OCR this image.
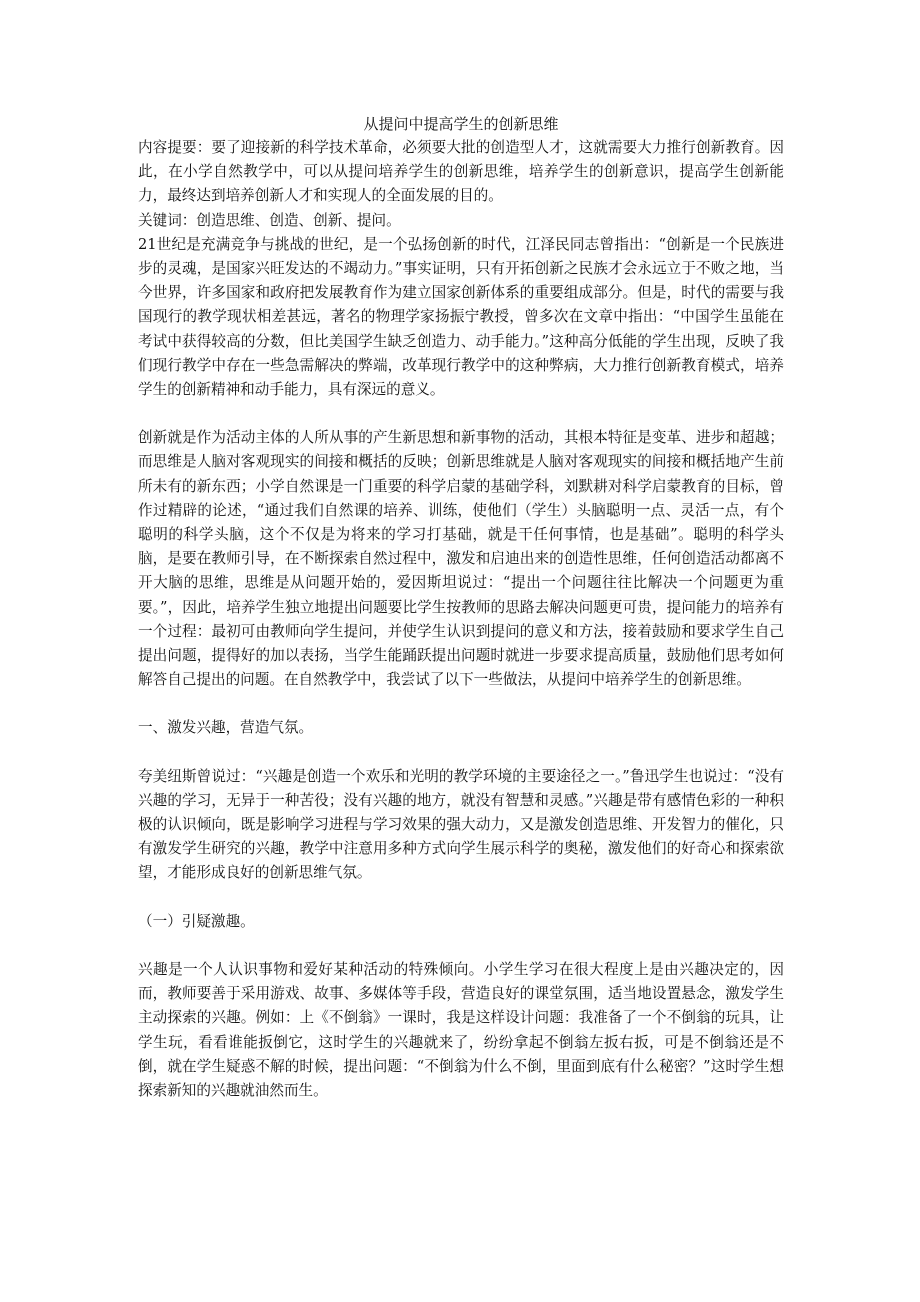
从提问中提高学生的创新思维

内容提要：要了迎接新的科学技术革命，必须要大批的创造型人才，这就需要大力推行创新教育。因此，在小学自然教学中，可以从提问培养学生的创新思维，培养学生的创新意识，提高学生创新能力，最终达到培养创新人才和实现人的全面发展的目的。

关键词：创造思维、创造、创新、提问。

21世纪是充满竞争与挑战的世纪，是一个弘扬创新的时代，江泽民同志曾指出：“创新是一个民族进步的灵魂，是国家兴旺发达的不竭动力。”事实证明，只有开拓创新之民族才会永远立于不败之地，当今世界，许多国家和政府把发展教育作为建立国家创新体系的重要组成部分。但是，时代的需要与我国现行的教学现状相差甚远，著名的物理学家扬振宁教授，曾多次在文章中指出：“中国学生虽能在考试中获得较高的分数，但比美国学生缺乏创造力、动手能力。”这种高分低能的学生出现，反映了我们现行教学中存在一些急需解决的弊端，改革现行教学中的这种弊病，大力推行创新教育模式，培养学生的创新精神和动手能力，具有深远的意义。

创新就是作为活动主体的人所从事的产生新思想和新事物的活动，其根本特征是变革、进步和超越；而思维是人脑对客观现实的间接和概括的反映；创新思维就是人脑对客观现实的间接和概括地产生前所未有的新东西；小学自然课是一门重要的科学启蒙的基础学科，刘默耕对科学启蒙教育的目标，曾作过精辟的论述，“通过我们自然课的培养、训练，使他们（学生）头脑聪明一点、灵活一点，有个聪明的科学头脑，这个不仅是为将来的学习打基础，就是干任何事情，也是基础”。聪明的科学头脑，是要在教师引导，在不断探索自然过程中，激发和启迪出来的创造性思维，任何创造活动都离不开大脑的思维，思维是从问题开始的，爱因斯坦说过：“提出一个问题往往比解决一个问题更为重要。”，因此，培养学生独立地提出问题要比学生按教师的思路去解决问题更可贵，提问能力的培养有一个过程：最初可由教师向学生提问，并使学生认识到提问的意义和方法，接着鼓励和要求学生自己提出问题，提得好的加以表扬，当学生能踊跃提出问题时就进一步要求提高质量，鼓励他们思考如何解答自己提出的问题。在自然教学中，我尝试了以下一些做法，从提问中培养学生的创新思维。

一、激发兴趣，营造气氛。

夸美纽斯曾说过：“兴趣是创造一个欢乐和光明的教学环境的主要途径之一。”鲁迅学生也说过：“没有兴趣的学习，无异于一种苦役；没有兴趣的地方，就没有智慧和灵感。”兴趣是带有感情色彩的一种积极的认识倾向，既是影响学习进程与学习效果的强大动力，又是激发创造思维、开发智力的催化，只有激发学生研究的兴趣，教学中注意用多种方式向学生展示科学的奥秘，激发他们的好奇心和探索欲望，才能形成良好的创新思维气氛。

（一）引疑激趣。

兴趣是一个人认识事物和爱好某种活动的特殊倾向。小学生学习在很大程度上是由兴趣决定的，因而，教师要善于采用游戏、故事、多媒体等手段，营造良好的课堂氛围，适当地设置悬念，激发学生主动探索的兴趣。例如：上《不倒翁》一课时，我是这样设计问题：我准备了一个不倒翁的玩具，让学生玩，看看谁能扳倒它，这时学生的兴趣就来了，纷纷拿起不倒翁左扳右扳，可是不倒翁还是不倒，就在学生疑惑不解的时候，提出问题：“不倒翁为什么不倒，里面到底有什么秘密？”这时学生想探索新知的兴趣就油然而生。
